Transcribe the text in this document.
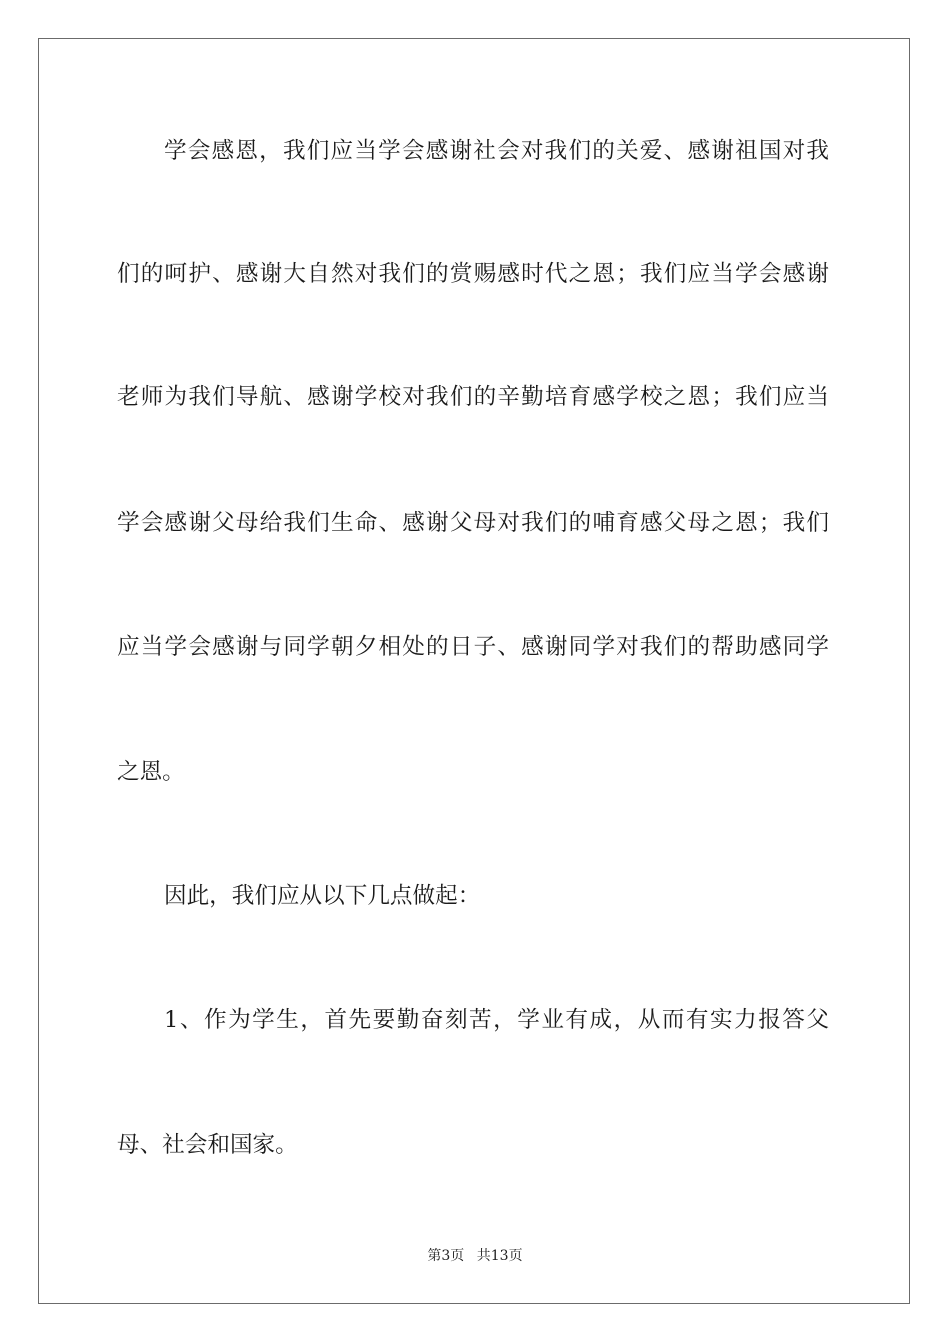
学会感恩，我们应当学会感谢社会对我们的关爱、感谢祖国对我
们的呵护、感谢大自然对我们的赏赐感时代之恩；我们应当学会感谢
老师为我们导航、感谢学校对我们的辛勤培育感学校之恩；我们应当
学会感谢父母给我们生命、感谢父母对我们的哺育感父母之恩；我们
应当学会感谢与同学朝夕相处的日子、感谢同学对我们的帮助感同学
之恩。
因此，我们应从以下几点做起：
1、作为学生，首先要勤奋刻苦，学业有成，从而有实力报答父
母、社会和国家。
第3页 共13页
